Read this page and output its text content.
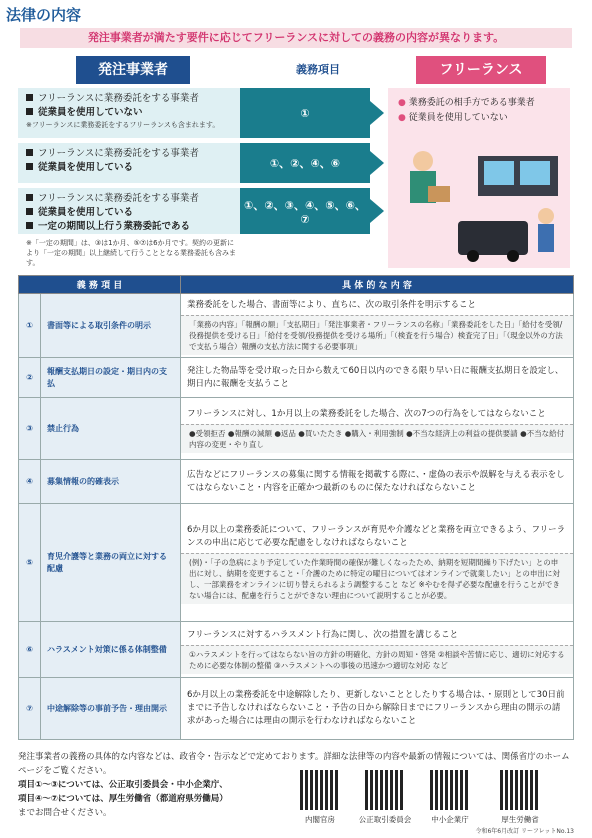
法律の内容
発注事業者が満たす要件に応じてフリーランスに対しての義務の内容が異なります。
発注事業者	義務項目	フリーランス
フリーランスに業務委託をする事業者
従業員を使用していない
※フリーランスに業務委託をするフリーランスも含まれます。
①
フリーランスに業務委託をする事業者
従業員を使用している	①、②、④、⑥
フリーランスに業務委託をする事業者
従業員を使用している
一定の期間以上行う業務委託である
①、②、③、④、⑤、⑥、⑦
※「一定の期間」は、③は1か月、⑤⑦は6か月です。契約の更新により「一定の期間」以上継続して行うこととなる業務委託も含みます。
● 業務委託の相手方である事業者
● 従業員を使用していない
義 務 項 目		具 体 的 な 内 容
①	書面等による取引条件の明示	業務委託をした場合、書面等により、直ちに、次の取引条件を明示すること
「業務の内容」「報酬の額」「支払期日」「発注事業者・フリーランスの名称」「業務委託をした日」「給付を受領/役務提供を受ける日」「給付を受領/役務提供を受ける場所」「（検査を行う場合）検査完了日」「（現金以外の方法で支払う場合）報酬の支払方法に関する必要事項」

②	報酬支払期日の設定・期日内の支払	発注した物品等を受け取った日から数えて60日以内のできる限り早い日に報酬支払期日を設定し、期日内に報酬を支払うこと

③	禁止行為	フリーランスに対し、1か月以上の業務委託をした場合、次の7つの行為をしてはならないこと
●受領拒否 ●報酬の減額 ●返品 ●買いたたき ●購入・利用強制 ●不当な経済上の利益の提供要請 ●不当な給付内容の変更・やり直し

④	募集情報の的確表示	広告などにフリーランスの募集に関する情報を掲載する際に、・虚偽の表示や誤解を与える表示をしてはならないこと・内容を正確かつ最新のものに保たなければならないこと

⑤	育児介護等と業務の両立に対する配慮	6か月以上の業務委託について、フリーランスが育児や介護などと業務を両立できるよう、フリーランスの申出に応じて必要な配慮をしなければならないこと
(例)・「子の急病により予定していた作業時間の確保が難しくなったため、納期を短期間繰り下げたい」との申出に対し、納期を変更すること・「介護のために特定の曜日についてはオンラインで就業したい」との申出に対し、一部業務をオンラインに切り替えられるよう調整すること など ※やむを得ず必要な配慮を行うことができない場合には、配慮を行うことができない理由について説明することが必要。

⑥	ハラスメント対策に係る体制整備	フリーランスに対するハラスメント行為に関し、次の措置を講じること
①ハラスメントを行ってはならない旨の方針の明確化、方針の周知・啓発 ②相談や苦情に応じ、適切に対応するために必要な体制の整備 ③ハラスメントへの事後の迅速かつ適切な対応 など

⑦	中途解除等の事前予告・理由開示	6か月以上の業務委託を中途解除したり、更新しないこととしたりする場合は、・原則として30日前までに予告しなければならないこと・予告の日から解除日までにフリーランスから理由の開示の請求があった場合には理由の開示を行わなければならないこと
発注事業者の義務の具体的な内容などは、政省令・告示などで定めております。詳細な法律等の内容や最新の情報については、関係省庁のホームページをご覧ください。
項目①～③については、公正取引委員会・中小企業庁、
項目④～⑦については、厚生労働省（都道府県労働局）
までお問合せください。
内閣官房	公正取引委員会	中小企業庁	厚生労働省
令和6年6月改訂 リーフレットNo.13
